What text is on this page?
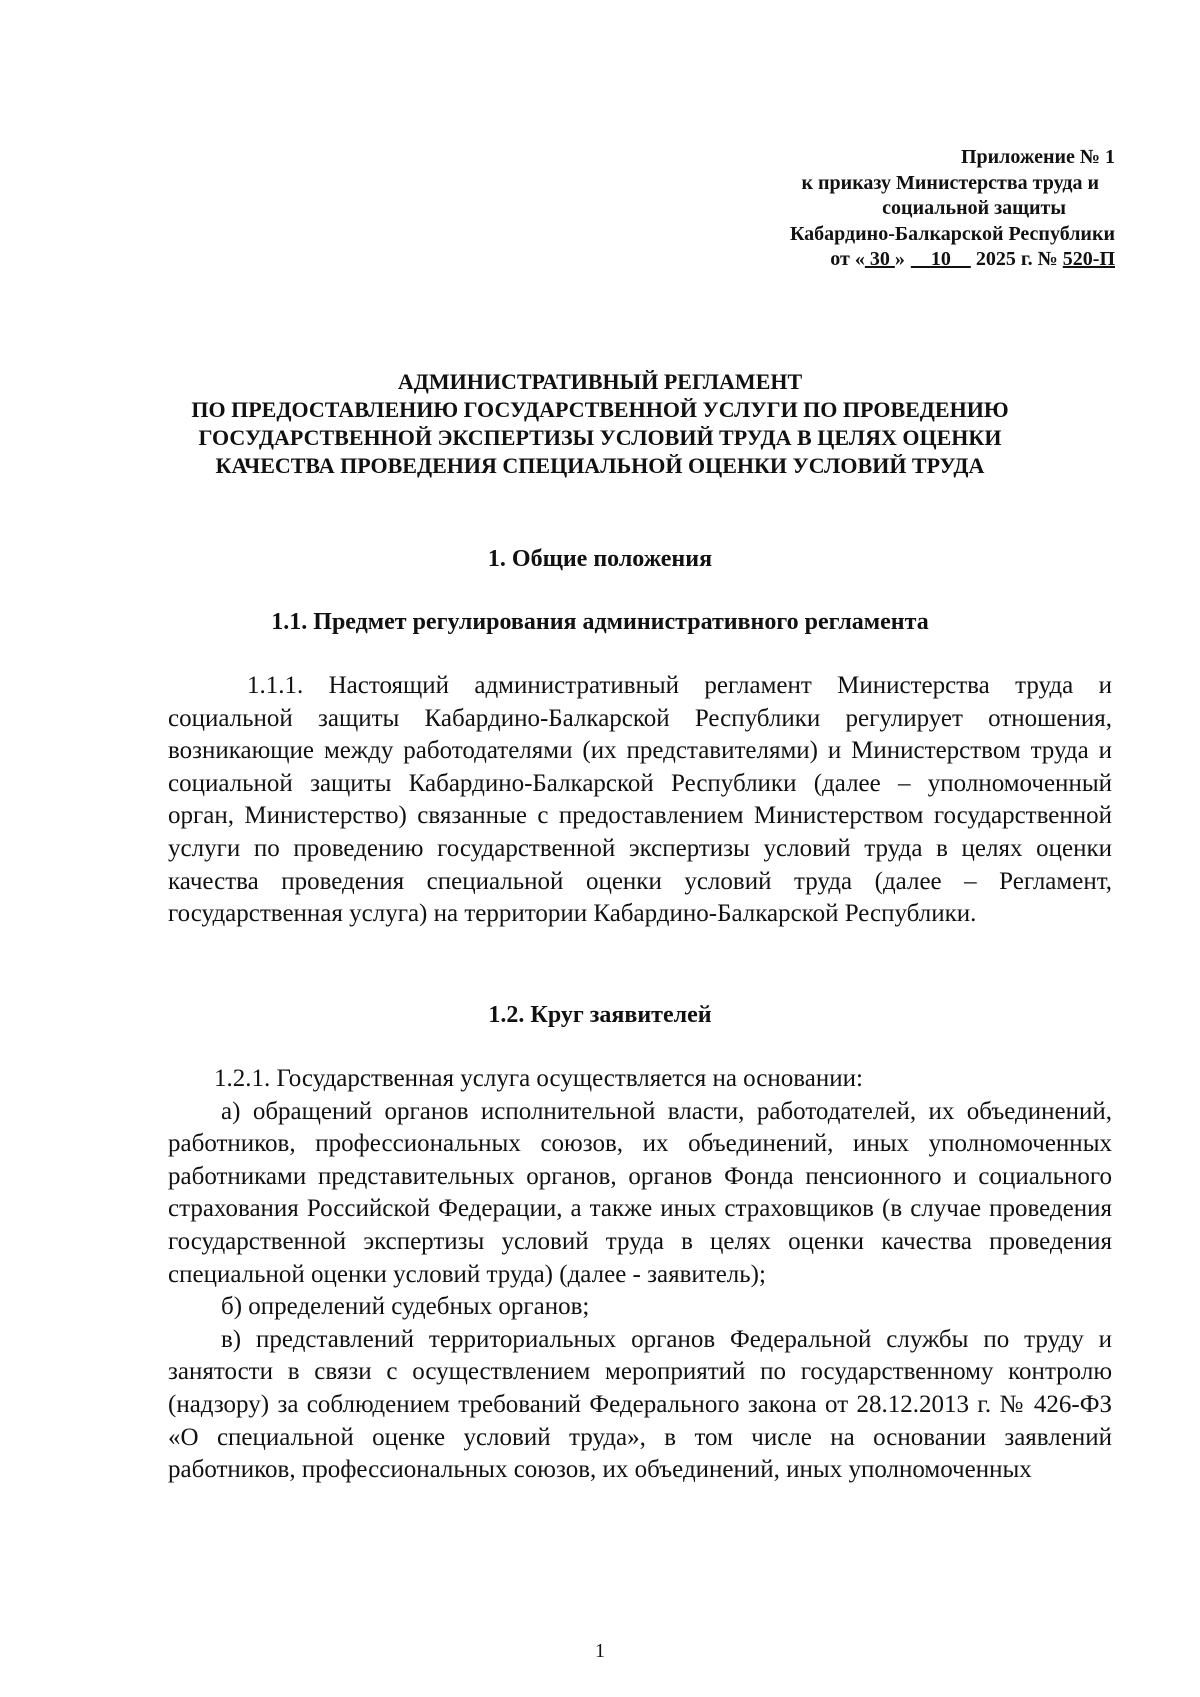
Приложение № 1
к приказу Министерства труда и
социальной защиты
Кабардино-Балкарской Республики
от « 30 »    10     2025 г. № 520-П
АДМИНИСТРАТИВНЫЙ РЕГЛАМЕНТ
ПО ПРЕДОСТАВЛЕНИЮ ГОСУДАРСТВЕННОЙ УСЛУГИ ПО ПРОВЕДЕНИЮ
ГОСУДАРСТВЕННОЙ ЭКСПЕРТИЗЫ УСЛОВИЙ ТРУДА В ЦЕЛЯХ ОЦЕНКИ
КАЧЕСТВА ПРОВЕДЕНИЯ СПЕЦИАЛЬНОЙ ОЦЕНКИ УСЛОВИЙ ТРУДА
1. Общие положения
1.1. Предмет регулирования административного регламента
1.1.1. Настоящий административный регламент Министерства труда и социальной защиты Кабардино-Балкарской Республики регулирует отношения, возникающие между работодателями (их представителями) и Министерством труда и социальной защиты Кабардино-Балкарской Республики (далее – уполномоченный орган, Министерство) связанные с предоставлением Министерством государственной услуги по проведению государственной экспертизы условий труда в целях оценки качества проведения специальной оценки условий труда (далее – Регламент, государственная услуга) на территории Кабардино-Балкарской Республики.
1.2. Круг заявителей

1.2.1. Государственная услуга осуществляется на основании:

а) обращений органов исполнительной власти, работодателей, их объединений, работников, профессиональных союзов, их объединений, иных уполномоченных работниками представительных органов, органов Фонда пенсионного и социального страхования Российской Федерации, а также иных страховщиков (в случае проведения государственной экспертизы условий труда в целях оценки качества проведения специальной оценки условий труда) (далее - заявитель);

б) определений судебных органов;

в) представлений территориальных органов Федеральной службы по труду и занятости в связи с осуществлением мероприятий по государственному контролю (надзору) за соблюдением требований Федерального закона от 28.12.2013 г. № 426-ФЗ «О специальной оценке условий труда», в том числе на основании заявлений работников, профессиональных союзов, их объединений, иных уполномоченных

1
